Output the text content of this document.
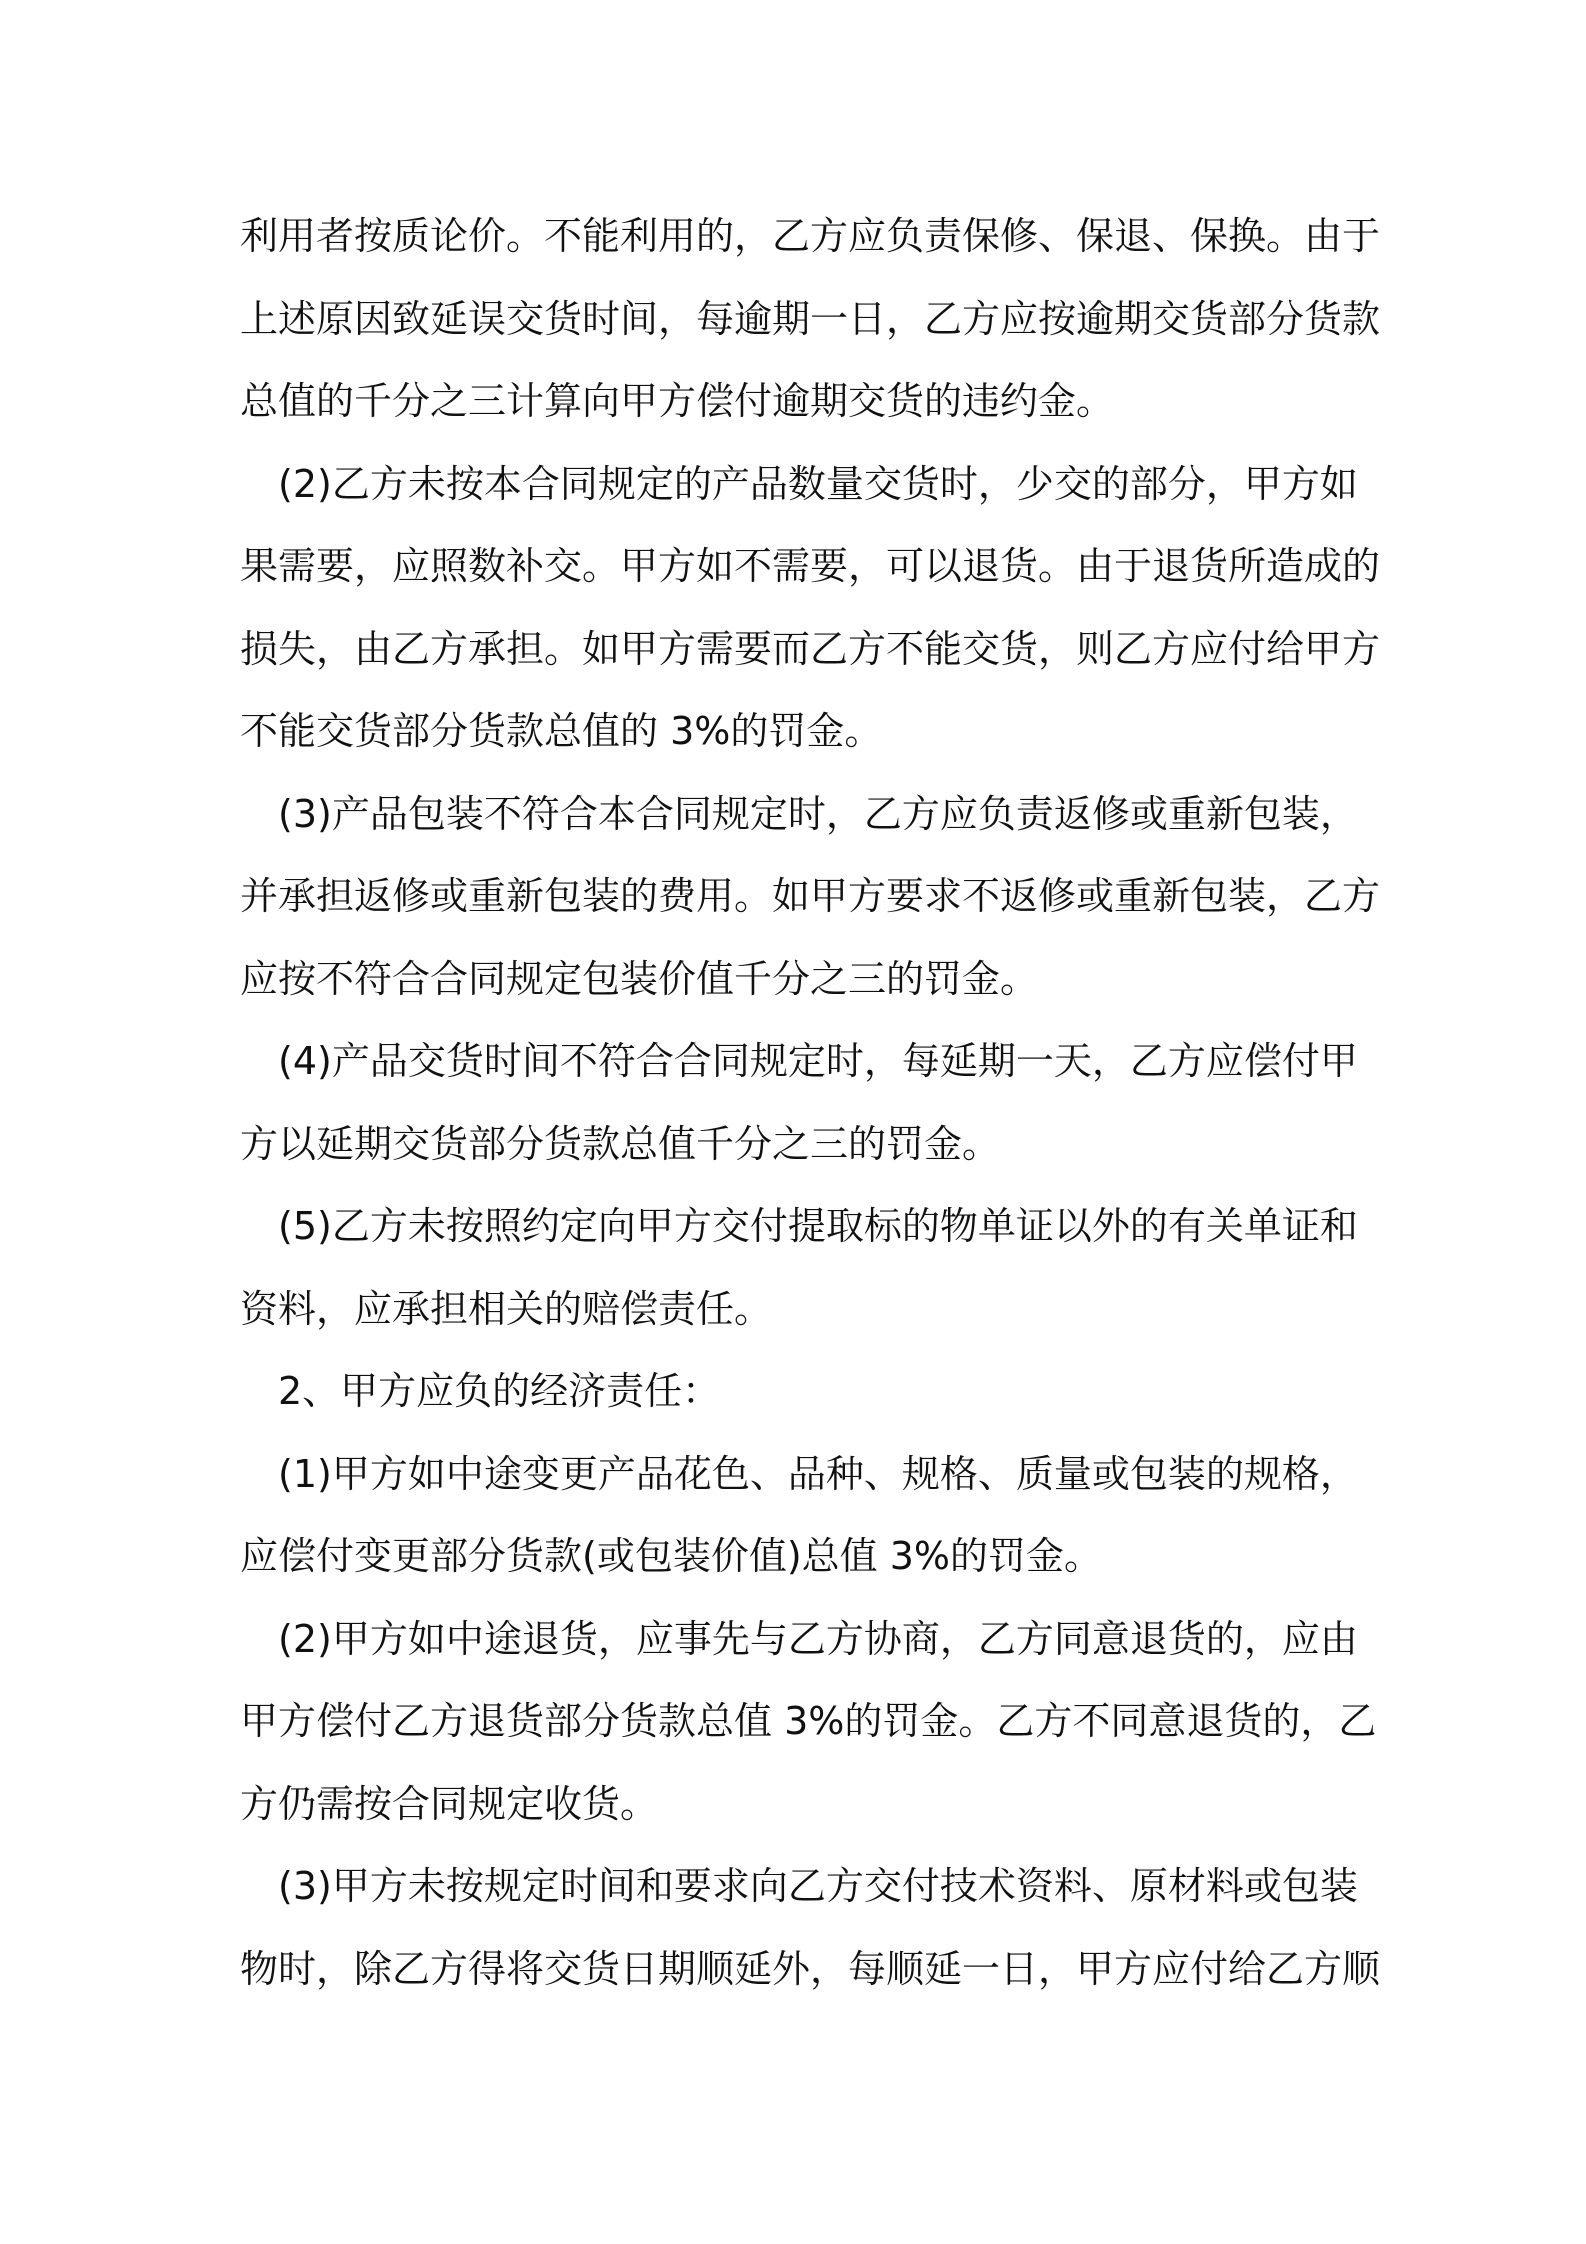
利用者按质论价。不能利用的，乙方应负责保修、保退、保换。由于
上述原因致延误交货时间，每逾期一日，乙方应按逾期交货部分货款
总值的千分之三计算向甲方偿付逾期交货的违约金。
(2)乙方未按本合同规定的产品数量交货时，少交的部分，甲方如
果需要，应照数补交。甲方如不需要，可以退货。由于退货所造成的
损失，由乙方承担。如甲方需要而乙方不能交货，则乙方应付给甲方
不能交货部分货款总值的 3%的罚金。
(3)产品包装不符合本合同规定时，乙方应负责返修或重新包装，
并承担返修或重新包装的费用。如甲方要求不返修或重新包装，乙方
应按不符合合同规定包装价值千分之三的罚金。
(4)产品交货时间不符合合同规定时，每延期一天，乙方应偿付甲
方以延期交货部分货款总值千分之三的罚金。
(5)乙方未按照约定向甲方交付提取标的物单证以外的有关单证和
资料，应承担相关的赔偿责任。
2、甲方应负的经济责任：
(1)甲方如中途变更产品花色、品种、规格、质量或包装的规格，
应偿付变更部分货款(或包装价值)总值 3%的罚金。
(2)甲方如中途退货，应事先与乙方协商，乙方同意退货的，应由
甲方偿付乙方退货部分货款总值 3%的罚金。乙方不同意退货的，乙
方仍需按合同规定收货。
(3)甲方未按规定时间和要求向乙方交付技术资料、原材料或包装
物时，除乙方得将交货日期顺延外，每顺延一日，甲方应付给乙方顺
